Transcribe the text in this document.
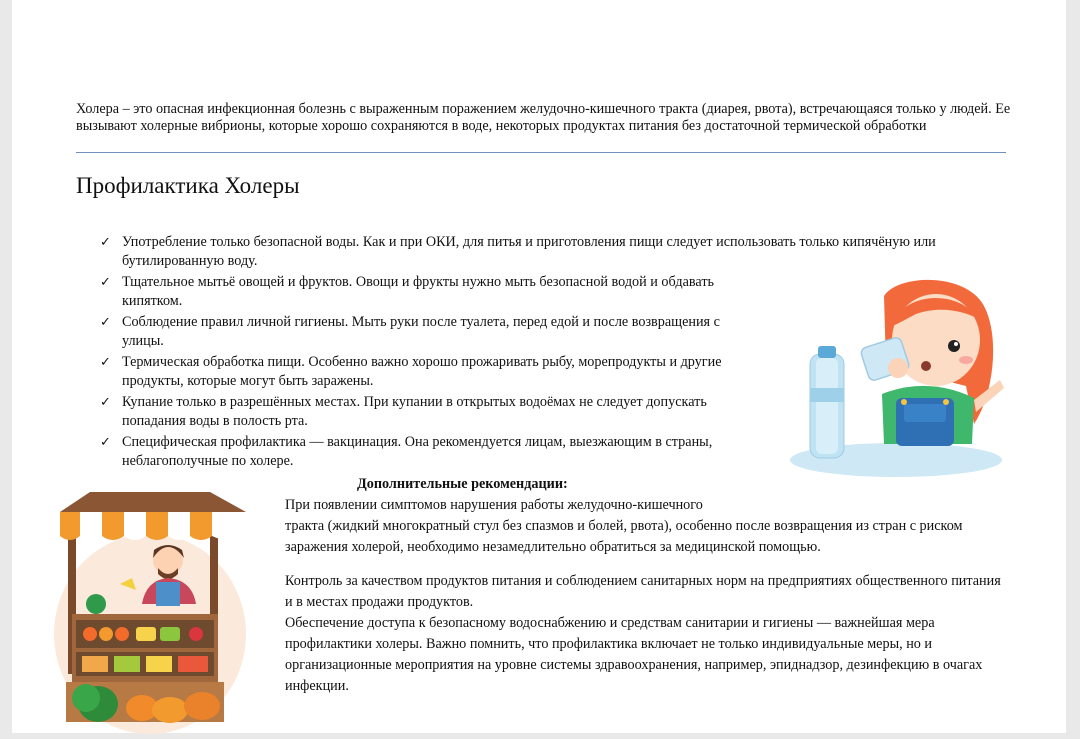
Холера – это опасная инфекционная болезнь с выраженным поражением желудочно-кишечного тракта (диарея, рвота), встречающаяся только у людей. Ее вызывают холерные вибрионы, которые хорошо сохраняются в воде, некоторых продуктах питания без достаточной термической обработки
Профилактика Холеры
✓ Употребление только безопасной воды. Как и при ОКИ, для питья и приготовления пищи следует использовать только кипячёную или бутилированную воду.
✓ Тщательное мытьё овощей и фруктов. Овощи и фрукты нужно мыть безопасной водой и обдавать кипятком.
✓ Соблюдение правил личной гигиены. Мыть руки после туалета, перед едой и после возвращения с улицы.
✓ Термическая обработка пищи. Особенно важно хорошо прожаривать рыбу, морепродукты и другие продукты, которые могут быть заражены.
✓ Купание только в разрешённых местах. При купании в открытых водоёмах не следует допускать попадания воды в полость рта.
✓ Специфическая профилактика — вакцинация. Она рекомендуется лицам, выезжающим в страны, неблагополучные по холере.
Дополнительные рекомендации:
При появлении симптомов нарушения работы желудочно-кишечного
тракта (жидкий многократный стул без спазмов и болей, рвота), особенно после возвращения из стран с риском заражения холерой, необходимо незамедлительно обратиться за медицинской помощью.
Контроль за качеством продуктов питания и соблюдением санитарных норм на предприятиях общественного питания и в местах продажи продуктов.
Обеспечение доступа к безопасному водоснабжению и средствам санитарии и гигиены — важнейшая мера профилактики холеры. Важно помнить, что профилактика включает не только индивидуальные меры, но и организационные мероприятия на уровне системы здравоохранения, например, эпиднадзор, дезинфекцию в очагах инфекции.
